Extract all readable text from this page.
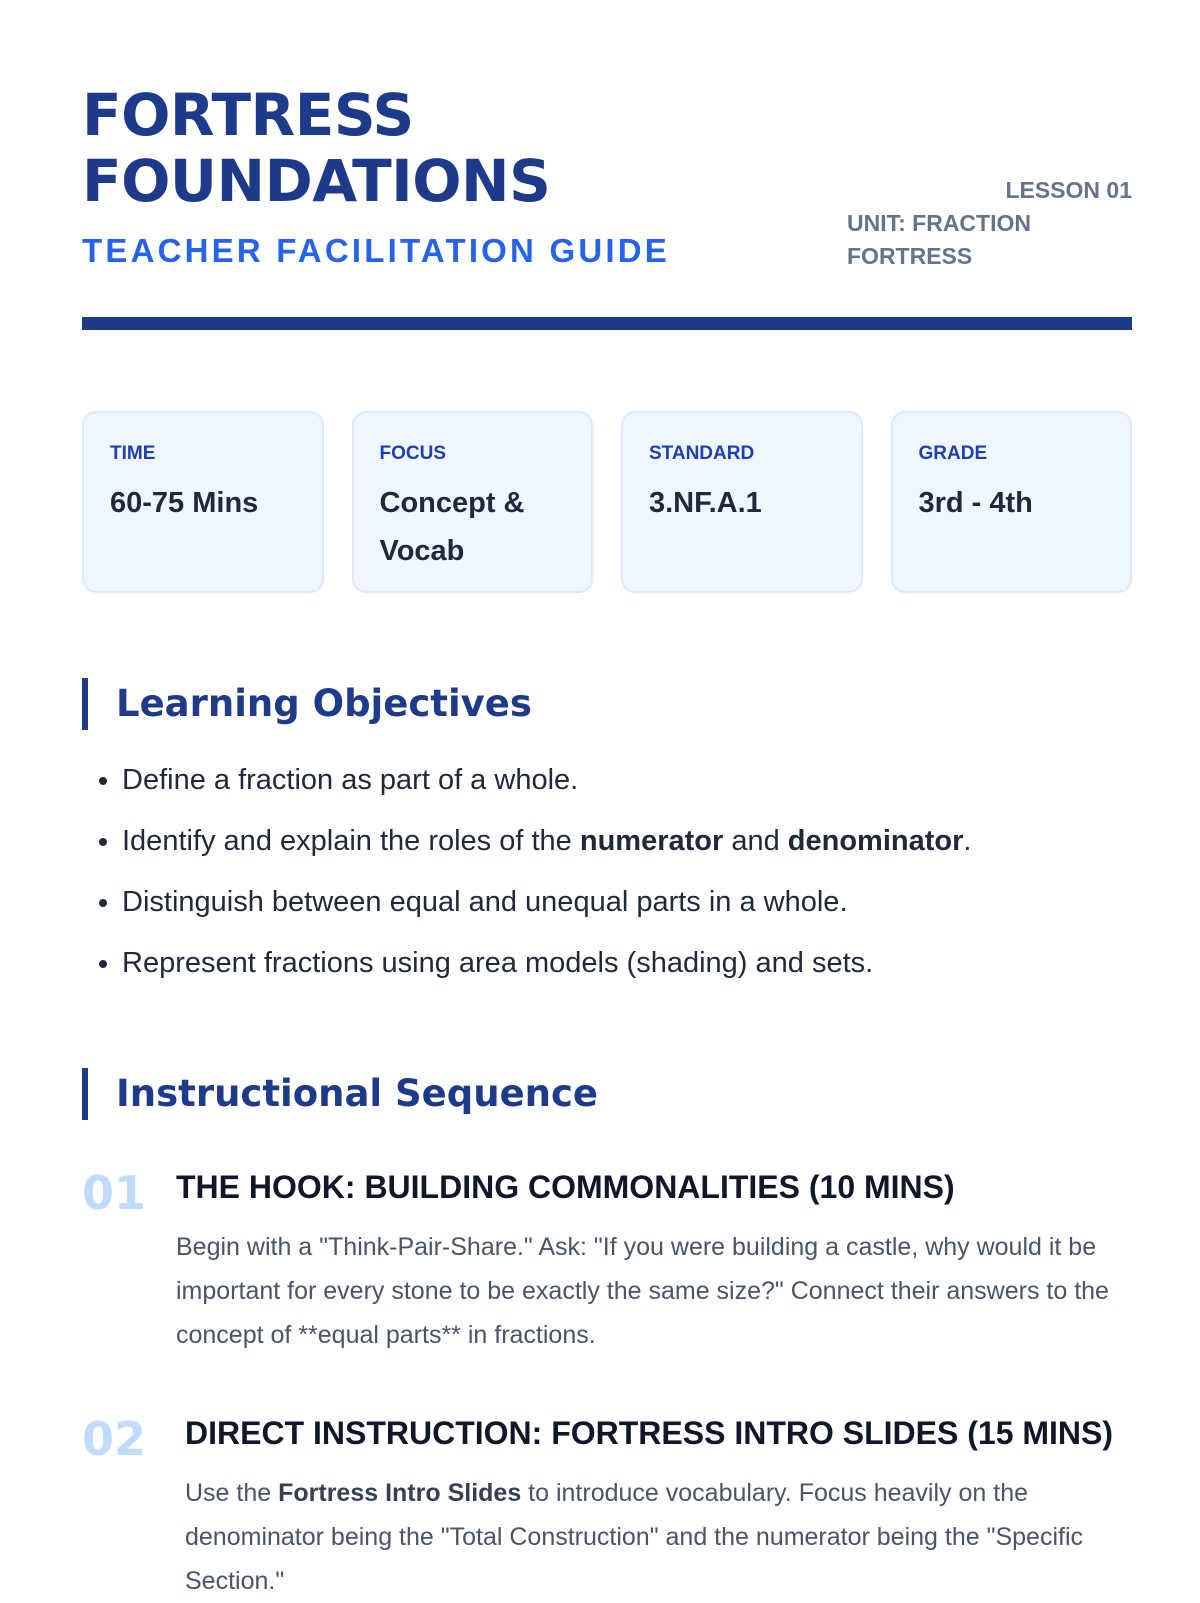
FORTRESS
FOUNDATIONS
TEACHER FACILITATION GUIDE
LESSON 01
UNIT: FRACTION FORTRESS
TIME
60-75 Mins
FOCUS
Concept & Vocab
STANDARD
3.NF.A.1
GRADE
3rd - 4th
Learning Objectives
• Define a fraction as part of a whole.
• Identify and explain the roles of the numerator and denominator.
• Distinguish between equal and unequal parts in a whole.
• Represent fractions using area models (shading) and sets.
Instructional Sequence
01 THE HOOK: BUILDING COMMONALITIES (10 MINS)

Begin with a "Think-Pair-Share." Ask: "If you were building a castle, why would it be important for every stone to be exactly the same size?" Connect their answers to the concept of **equal parts** in fractions.

02 DIRECT INSTRUCTION: FORTRESS INTRO SLIDES (15 MINS)

Use the Fortress Intro Slides to introduce vocabulary. Focus heavily on the denominator being the "Total Construction" and the numerator being the "Specific Section."
